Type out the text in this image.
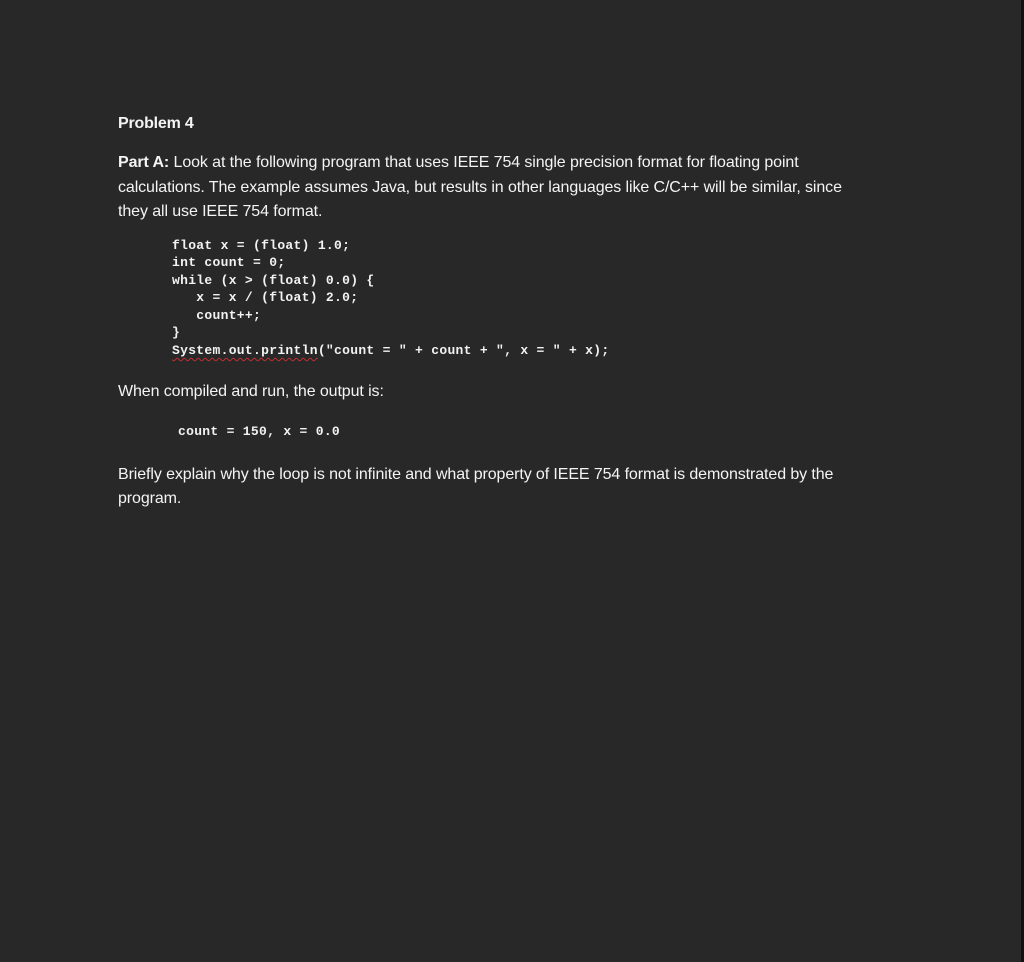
Problem 4
Part A: Look at the following program that uses IEEE 754 single precision format for floating point
calculations. The example assumes Java, but results in other languages like C/C++ will be similar, since
they all use IEEE 754 format.
float x = (float) 1.0;
int count = 0;
while (x > (float) 0.0) {
x = x / (float) 2.0;
count++;
}
System.out.println("count = " + count + ", x = " + x);
When compiled and run, the output is:
count = 150, x = 0.0
Briefly explain why the loop is not infinite and what property of IEEE 754 format is demonstrated by the
program.
